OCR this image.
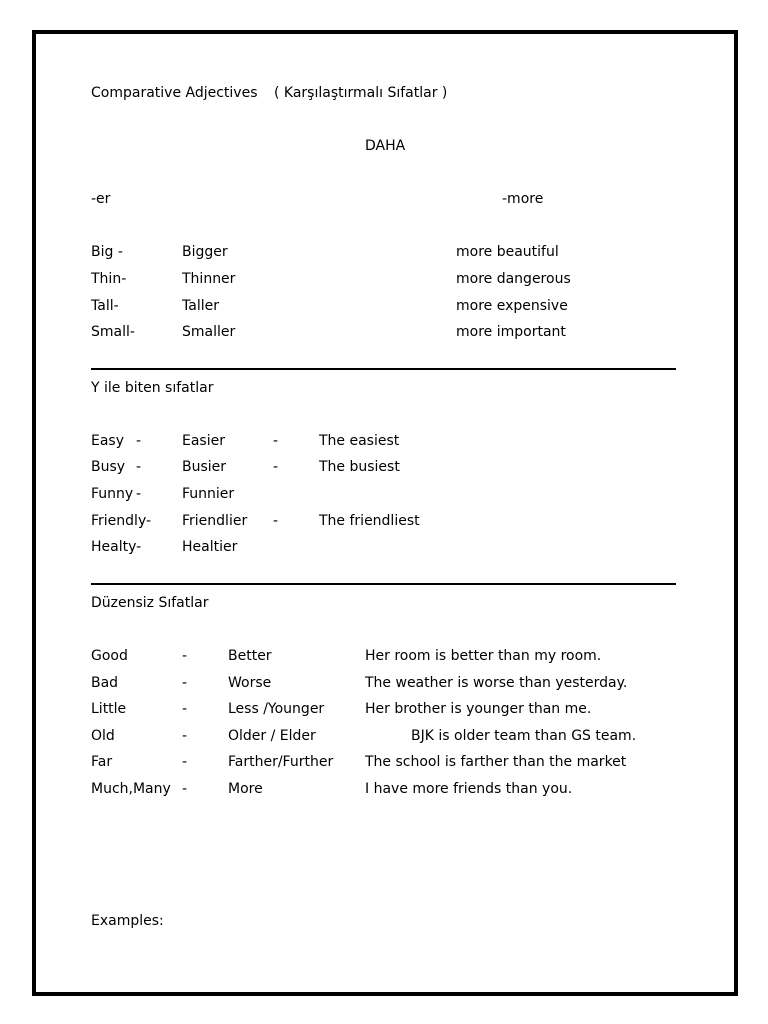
Comparative Adjectives ( Karşılaştırmalı Sıfatlar )
DAHA
-er	-more
Big -	Bigger	more beautiful
Thin-	Thinner	more dangerous
Tall-	Taller	more expensive
Small-	Smaller	more important
Y ile biten sıfatlar
Easy -	Easier	-	The easiest
Busy -	Busier	-	The busiest
Funny -	Funnier
Friendly- Friendlier -	The friendliest
Healty-	Healtier
Düzensiz Sıfatlar
Good	-	Better	Her room is better than my room.
Bad	-	Worse	The weather is worse than yesterday.
Little	-	Less /Younger	Her brother is younger than me.
Old	-	Older / Elder	BJK is older team than GS team.
Far	-	Farther/Further The school is farther than the market
Much,Many -	More	I have more friends than you.
Examples:
